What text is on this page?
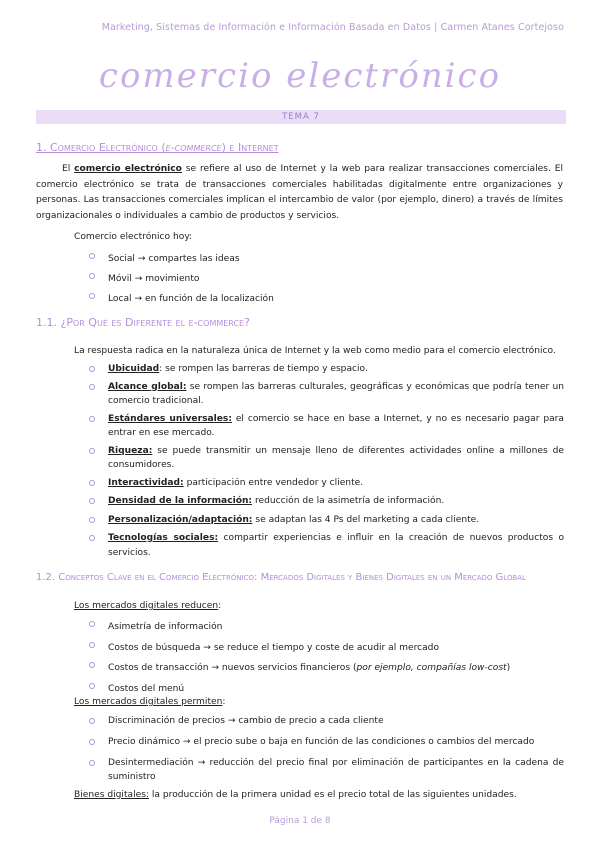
Marketing, Sistemas de Información e Información Basada en Datos | Carmen Atanes Cortejoso
comercio electrónico
TEMA 7
1. Comercio Electrónico (e-commerce) e Internet
El comercio electrónico se refiere al uso de Internet y la web para realizar transacciones comerciales. El comercio electrónico se trata de transacciones comerciales habilitadas digitalmente entre organizaciones y personas. Las transacciones comerciales implican el intercambio de valor (por ejemplo, dinero) a través de límites organizacionales o individuales a cambio de productos y servicios.
Comercio electrónico hoy:
Social → compartes las ideas
Móvil → movimiento
Local → en función de la localización
1.1. ¿Por Qué es Diferente el e-commerce?
La respuesta radica en la naturaleza única de Internet y la web como medio para el comercio electrónico.
Ubicuidad: se rompen las barreras de tiempo y espacio.
Alcance global: se rompen las barreras culturales, geográficas y económicas que podría tener un comercio tradicional.
Estándares universales: el comercio se hace en base a Internet, y no es necesario pagar para entrar en ese mercado.
Riqueza: se puede transmitir un mensaje lleno de diferentes actividades online a millones de consumidores.
Interactividad: participación entre vendedor y cliente.
Densidad de la información: reducción de la asimetría de información.
Personalización/adaptación: se adaptan las 4 Ps del marketing a cada cliente.
Tecnologías sociales: compartir experiencias e influir en la creación de nuevos productos o servicios.
1.2. Conceptos Clave en el Comercio Electrónico: Mercados Digitales y Bienes Digitales en un Mercado Global
Los mercados digitales reducen:
Asimetría de información
Costos de búsqueda → se reduce el tiempo y coste de acudir al mercado
Costos de transacción → nuevos servicios financieros (por ejemplo, compañías low-cost)
Costos del menú
Los mercados digitales permiten:
Discriminación de precios → cambio de precio a cada cliente
Precio dinámico → el precio sube o baja en función de las condiciones o cambios del mercado
Desintermediación → reducción del precio final por eliminación de participantes en la cadena de suministro
Bienes digitales: la producción de la primera unidad es el precio total de las siguientes unidades.
Página 1 de 8
